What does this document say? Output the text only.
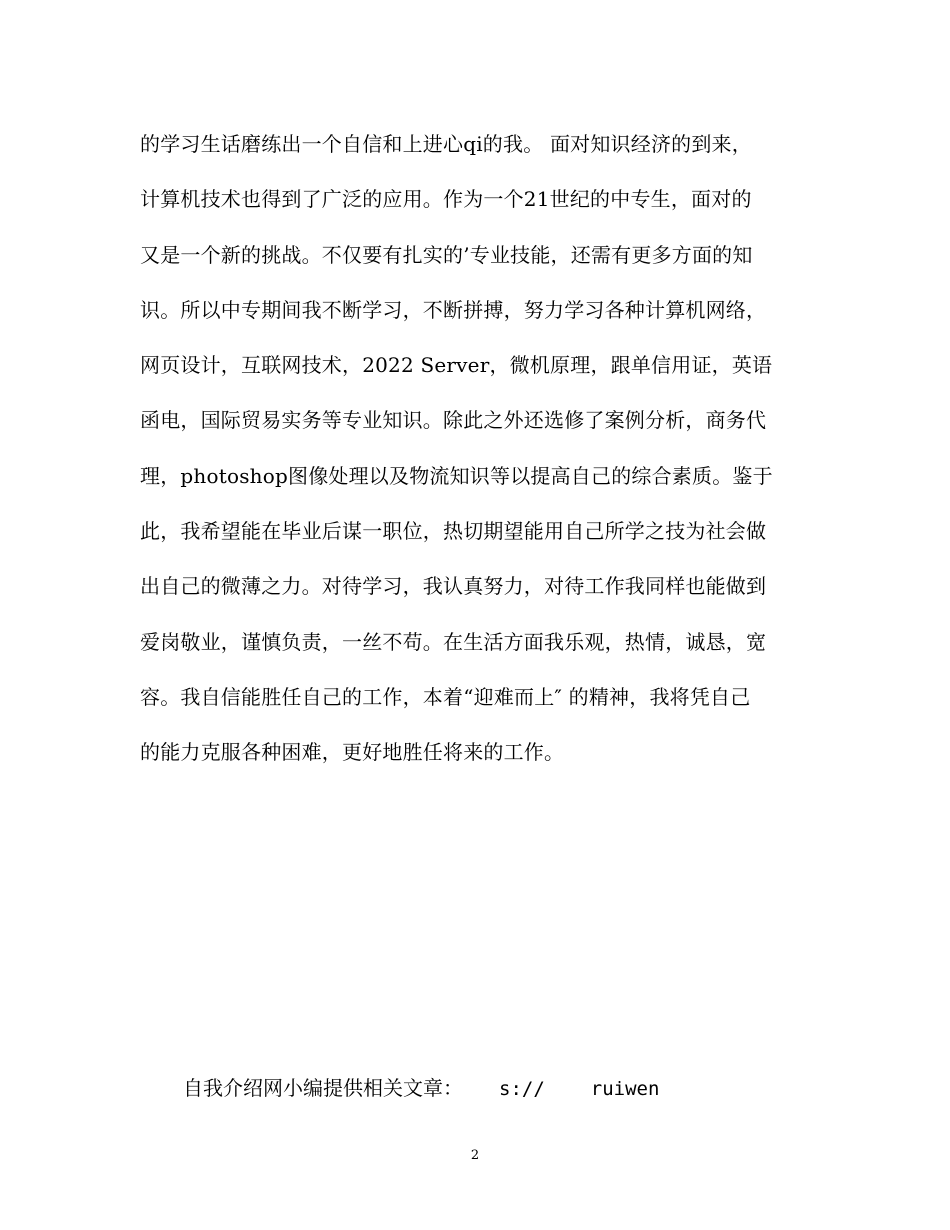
的学习生话磨练出一个自信和上进心qi的我。 面对知识经济的到来，
计算机技术也得到了广泛的应用。作为一个21世纪的中专生，面对的
又是一个新的挑战。不仅要有扎实的’专业技能，还需有更多方面的知
识。所以中专期间我不断学习，不断拼搏，努力学习各种计算机网络，
网页设计，互联网技术，2022 Server，微机原理，跟单信用证，英语
函电，国际贸易实务等专业知识。除此之外还选修了案例分析，商务代
理，photoshop图像处理以及物流知识等以提高自己的综合素质。鉴于
此，我希望能在毕业后谋一职位，热切期望能用自己所学之技为社会做
出自己的微薄之力。对待学习，我认真努力，对待工作我同样也能做到
爱岗敬业，谨慎负责，一丝不苟。在生活方面我乐观，热情，诚恳，宽
容。我自信能胜任自己的工作，本着“迎难而上″ 的精神，我将凭自己
的能力克服各种困难，更好地胜任将来的工作。
自我介绍网小编提供相关文章： s:// ruiwen
2
